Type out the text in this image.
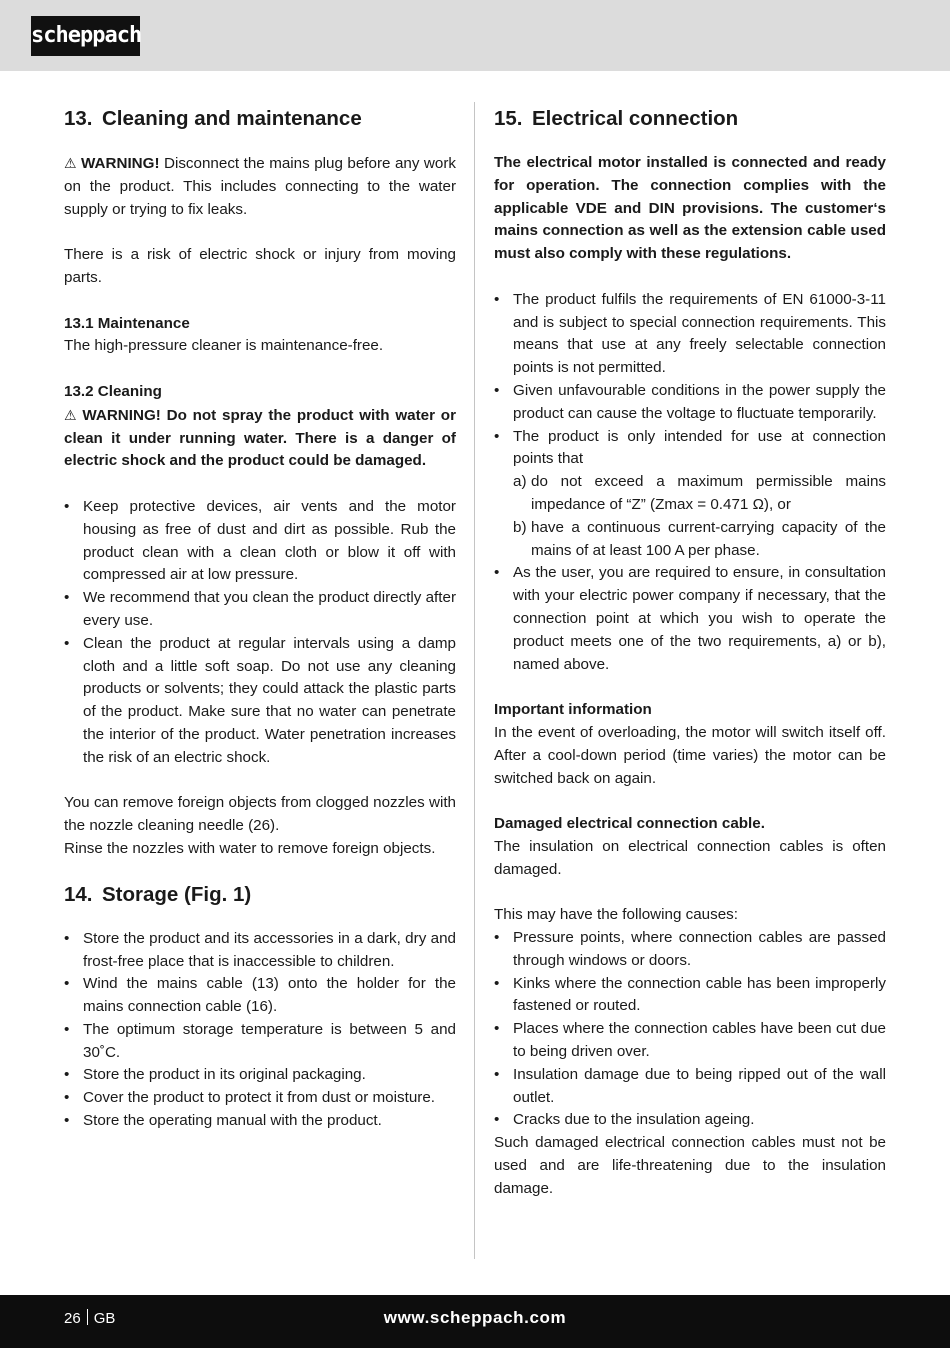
scheppach
13. Cleaning and maintenance

⚠ WARNING! Disconnect the mains plug before any work on the product. This includes connecting to the water supply or trying to fix leaks.

There is a risk of electric shock or injury from moving parts.

13.1 Maintenance

The high-pressure cleaner is maintenance-free.

13.2 Cleaning

⚠ WARNING! Do not spray the product with water or clean it under running water. There is a danger of electric shock and the product could be damaged.

• Keep protective devices, air vents and the motor housing as free of dust and dirt as possible. Rub the product clean with a clean cloth or blow it off with compressed air at low pressure.
• We recommend that you clean the product directly after every use.
• Clean the product at regular intervals using a damp cloth and a little soft soap. Do not use any cleaning products or solvents; they could attack the plastic parts of the product. Make sure that no water can penetrate the interior of the product. Water penetration increases the risk of an electric shock.

You can remove foreign objects from clogged nozzles with the nozzle cleaning needle (26).

Rinse the nozzles with water to remove foreign objects.

14. Storage (Fig. 1)
• Store the product and its accessories in a dark, dry and frost-free place that is inaccessible to children.
• Wind the mains cable (13) onto the holder for the mains connection cable (16).
• The optimum storage temperature is between 5 and 30˚C.
• Store the product in its original packaging.
• Cover the product to protect it from dust or moisture.
• Store the operating manual with the product.
15. Electrical connection

The electrical motor installed is connected and ready for operation. The connection complies with the applicable VDE and DIN provisions. The customer‘s mains connection as well as the extension cable used must also comply with these regulations.

• The product fulfils the requirements of EN 61000-3-11 and is subject to special connection requirements. This means that use at any freely selectable connection points is not permitted.
• Given unfavourable conditions in the power supply the product can cause the voltage to fluctuate temporarily.
• The product is only intended for use at connection points that
a) do not exceed a maximum permissible mains impedance of “Z” (Zmax = 0.471 Ω), or
b) have a continuous current-carrying capacity of the mains of at least 100 A per phase.
• As the user, you are required to ensure, in consultation with your electric power company if necessary, that the connection point at which you wish to operate the product meets one of the two requirements, a) or b), named above.
Important information

In the event of overloading, the motor will switch itself off. After a cool-down period (time varies) the motor can be switched back on again.

Damaged electrical connection cable.

The insulation on electrical connection cables is often damaged.

This may have the following causes:

• Pressure points, where connection cables are passed through windows or doors.
• Kinks where the connection cable has been improperly fastened or routed.
• Places where the connection cables have been cut due to being driven over.
• Insulation damage due to being ripped out of the wall outlet.
• Cracks due to the insulation ageing.

Such damaged electrical connection cables must not be used and are life-threatening due to the insulation damage.

26 GB	www.scheppach.com
